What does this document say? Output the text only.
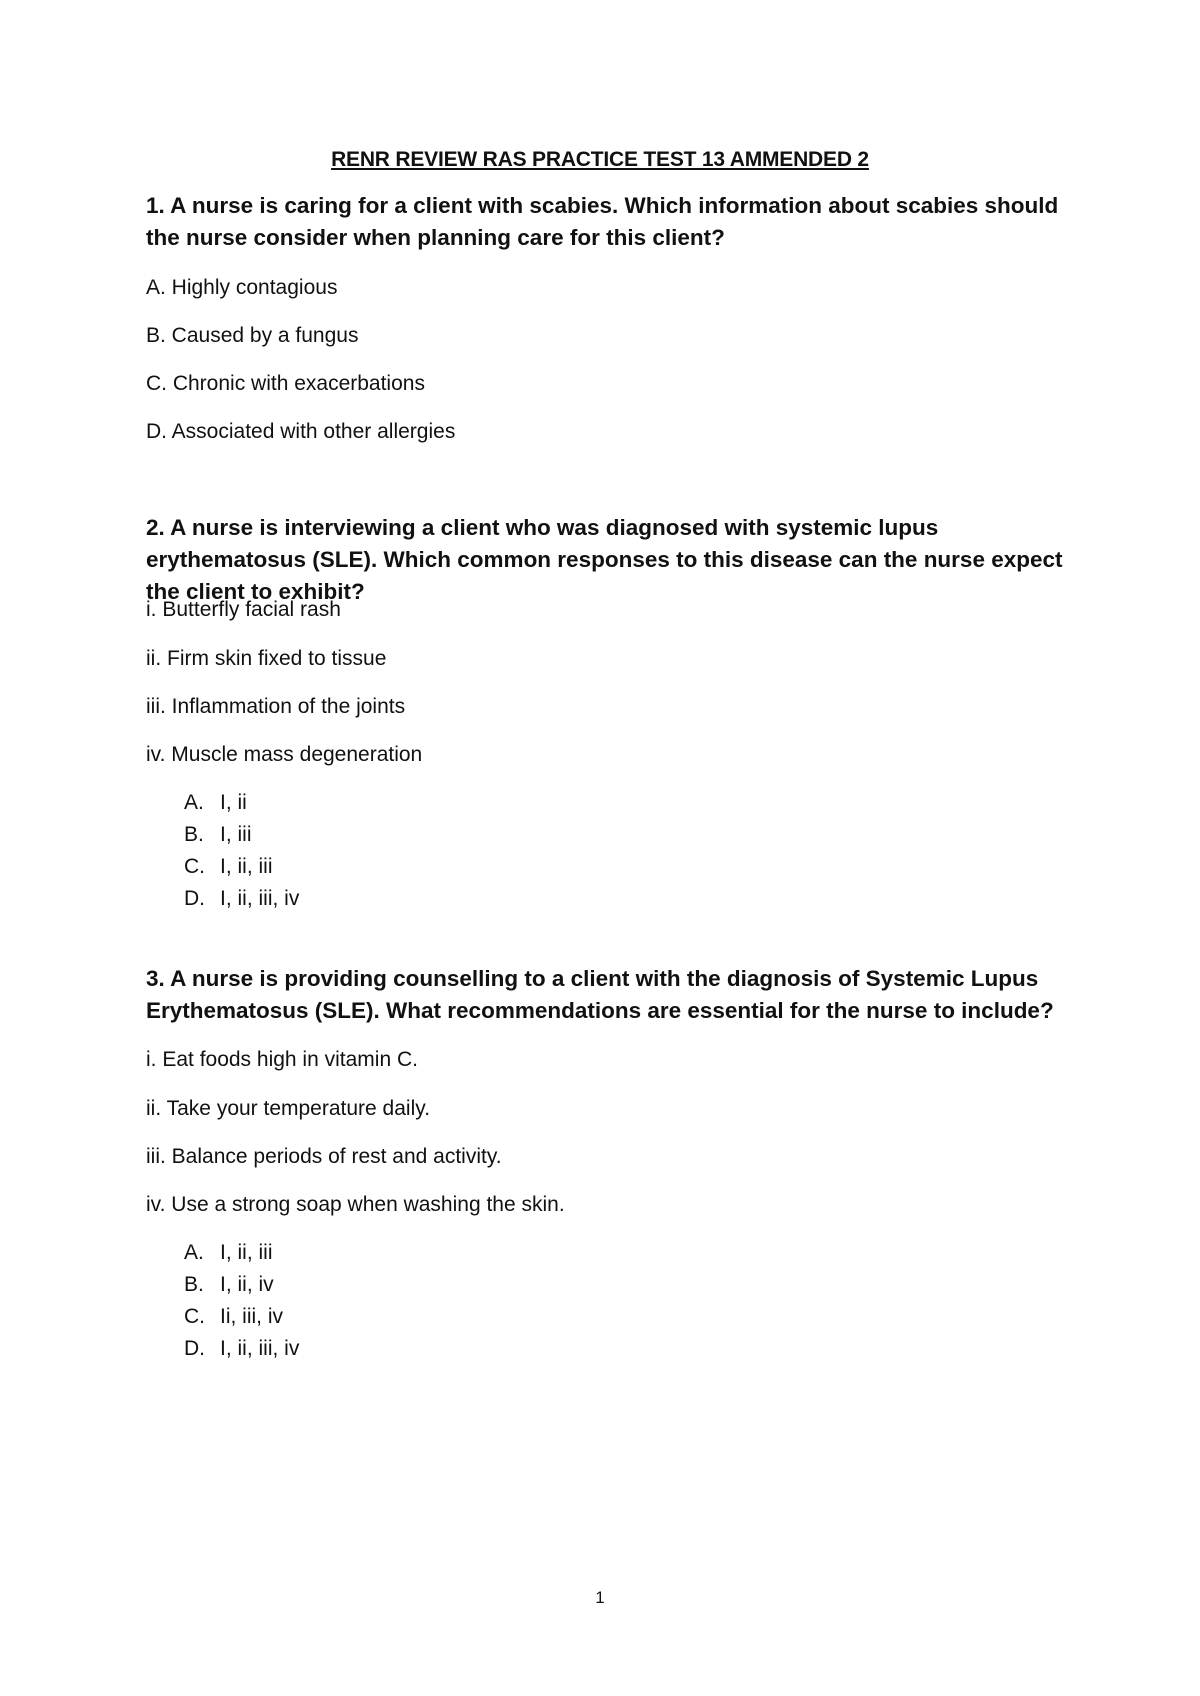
RENR REVIEW RAS PRACTICE TEST 13 AMMENDED 2
1. A nurse is caring for a client with scabies. Which information about scabies should the nurse consider when planning care for this client?
A. Highly contagious
B. Caused by a fungus
C. Chronic with exacerbations
D. Associated with other allergies
2. A nurse is interviewing a client who was diagnosed with systemic lupus erythematosus (SLE). Which common responses to this disease can the nurse expect the client to exhibit?
i. Butterfly facial rash
ii. Firm skin fixed to tissue
iii. Inflammation of the joints
iv. Muscle mass degeneration
A. I, ii
B. I, iii
C. I, ii, iii
D. I, ii, iii, iv
3. A nurse is providing counselling to a client with the diagnosis of Systemic Lupus Erythematosus (SLE). What recommendations are essential for the nurse to include?
i. Eat foods high in vitamin C.
ii. Take your temperature daily.
iii. Balance periods of rest and activity.
iv. Use a strong soap when washing the skin.
A. I, ii, iii
B. I, ii, iv
C. Ii, iii, iv
D. I, ii, iii, iv
1
